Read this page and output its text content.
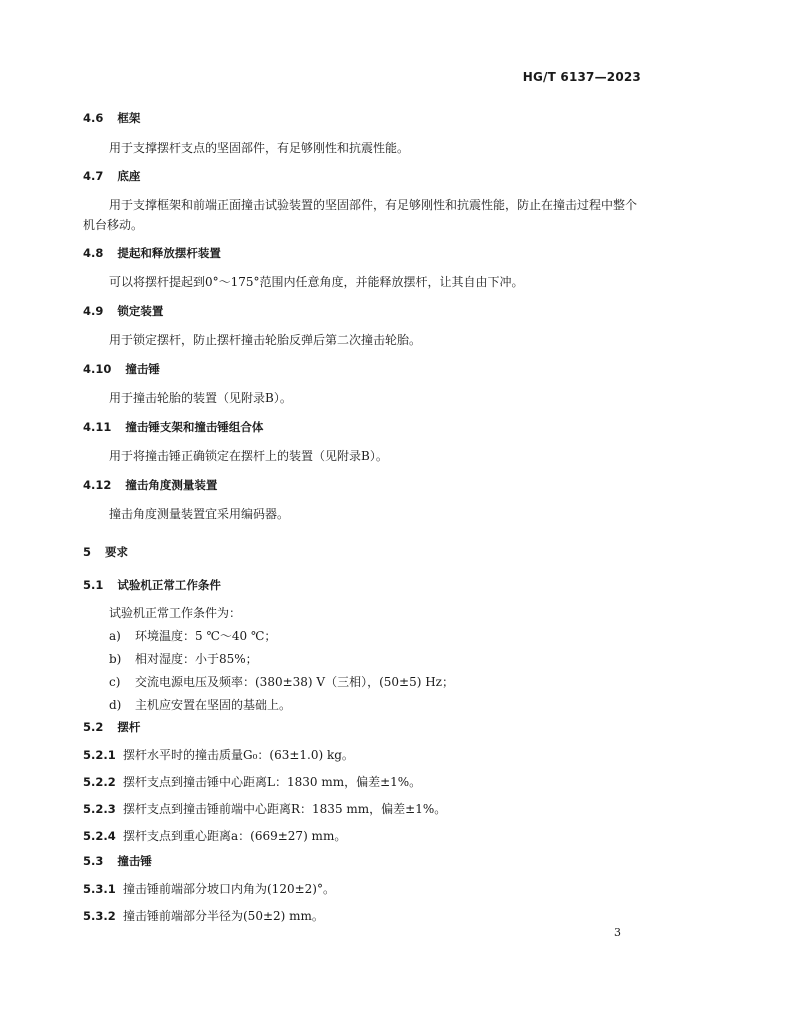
HG/T 6137—2023
4.6 框架
用于支撑摆杆支点的坚固部件，有足够刚性和抗震性能。
4.7 底座
用于支撑框架和前端正面撞击试验装置的坚固部件，有足够刚性和抗震性能，防止在撞击过程中整个机台移动。
4.8 提起和释放摆杆装置
可以将摆杆提起到0°～175°范围内任意角度，并能释放摆杆，让其自由下冲。
4.9 锁定装置
用于锁定摆杆，防止摆杆撞击轮胎反弹后第二次撞击轮胎。
4.10 撞击锤
用于撞击轮胎的装置（见附录B）。
4.11 撞击锤支架和撞击锤组合体
用于将撞击锤正确锁定在摆杆上的装置（见附录B）。
4.12 撞击角度测量装置
撞击角度测量装置宜采用编码器。
5 要求
5.1 试验机正常工作条件
试验机正常工作条件为：
a) 环境温度：5 ℃～40 ℃；
b) 相对湿度：小于85%；
c) 交流电源电压及频率：(380±38) V（三相），(50±5) Hz；
d) 主机应安置在坚固的基础上。
5.2 摆杆
5.2.1 摆杆水平时的撞击质量G₀：(63±1.0) kg。
5.2.2 摆杆支点到撞击锤中心距离L：1830 mm，偏差±1%。
5.2.3 摆杆支点到撞击锤前端中心距离R：1835 mm，偏差±1%。
5.2.4 摆杆支点到重心距离a：(669±27) mm。
5.3 撞击锤
5.3.1 撞击锤前端部分坡口内角为(120±2)°。
5.3.2 撞击锤前端部分半径为(50±2) mm。
3
